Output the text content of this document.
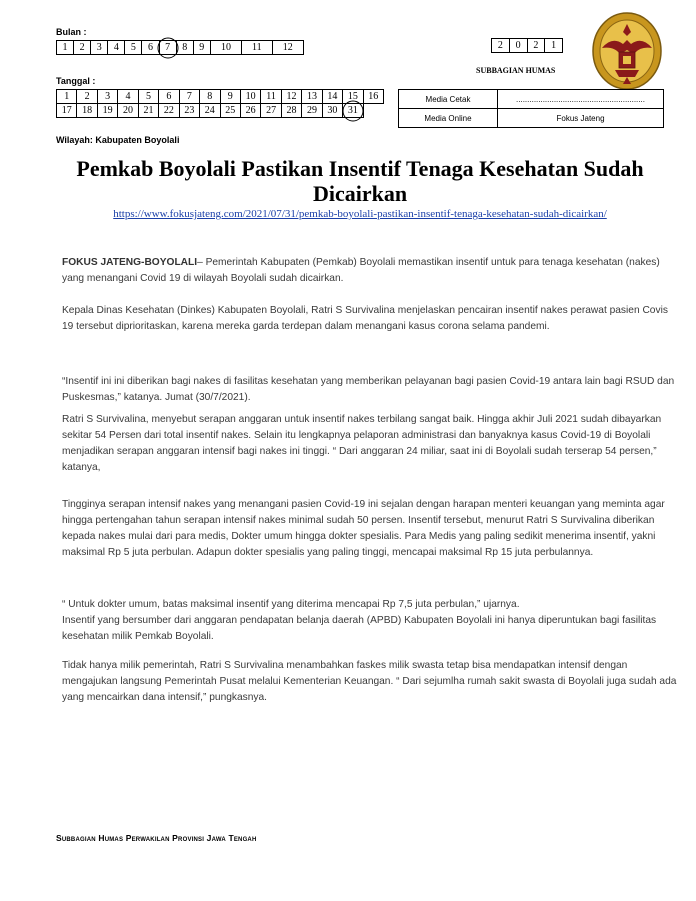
Bulan :
1	2	3	4	5	6	7	8	9	10	11	12
Tanggal :
1	2	3	4	5	6	7	8	9	10	11	12	13	14	15	16
17	18	19	20	21	22	23	24	25	26	27	28	29	30	31	
2	0	2	1
SUBBAGIAN HUMAS
Media Cetak	..........................................................
Media Online	Fokus Jateng
Wilayah: Kabupaten Boyolali
Pemkab Boyolali Pastikan Insentif Tenaga Kesehatan Sudah Dicairkan
https://www.fokusjateng.com/2021/07/31/pemkab-boyolali-pastikan-insentif-tenaga-kesehatan-sudah-dicairkan/

FOKUS JATENG-BOYOLALI– Pemerintah Kabupaten (Pemkab) Boyolali memastikan insentif untuk para tenaga kesehatan (nakes) yang menangani Covid 19 di wilayah Boyolali sudah dicairkan.

Kepala Dinas Kesehatan (Dinkes) Kabupaten Boyolali, Ratri S Survivalina menjelaskan pencairan insentif nakes perawat pasien Covis 19 tersebut diprioritaskan, karena mereka garda terdepan dalam menangani kasus corona selama pandemi.

“Insentif ini ini diberikan bagi nakes di fasilitas kesehatan yang memberikan pelayanan bagi pasien Covid-19 antara lain bagi RSUD dan Puskesmas,” katanya. Jumat (30/7/2021).

Ratri S Survivalina, menyebut serapan anggaran untuk insentif nakes terbilang sangat baik. Hingga akhir Juli 2021 sudah dibayarkan sekitar 54 Persen dari total insentif nakes. Selain itu lengkapnya pelaporan administrasi dan banyaknya kasus Covid-19 di Boyolali menjadikan serapan anggaran intensif bagi nakes ini tinggi. “ Dari anggaran 24 miliar, saat ini di Boyolali sudah terserap 54 persen,” katanya,

Tingginya serapan intensif nakes yang menangani pasien Covid-19 ini sejalan dengan harapan menteri keuangan yang meminta agar hingga pertengahan tahun serapan intensif nakes minimal sudah 50 persen. Insentif tersebut, menurut Ratri S Survivalina diberikan kepada nakes mulai dari para medis, Dokter umum hingga dokter spesialis. Para Medis yang paling sedikit menerima insentif, yakni maksimal Rp 5 juta perbulan. Adapun dokter spesialis yang paling tinggi, mencapai maksimal Rp 15 juta perbulannya.

“ Untuk dokter umum, batas maksimal insentif yang diterima mencapai Rp 7,5 juta perbulan,” ujarnya.

Insentif yang bersumber dari anggaran pendapatan belanja daerah (APBD) Kabupaten Boyolali ini hanya diperuntukan bagi fasilitas kesehatan milik Pemkab Boyolali.

Tidak hanya milik pemerintah, Ratri S Survivalina menambahkan faskes milik swasta tetap bisa mendapatkan intensif dengan mengajukan langsung Pemerintah Pusat melalui Kementerian Keuangan. “ Dari sejumlha rumah sakit swasta di Boyolali juga sudah ada yang mencairkan dana intensif,” pungkasnya.

Subbagian Humas Perwakilan Provinsi Jawa Tengah
